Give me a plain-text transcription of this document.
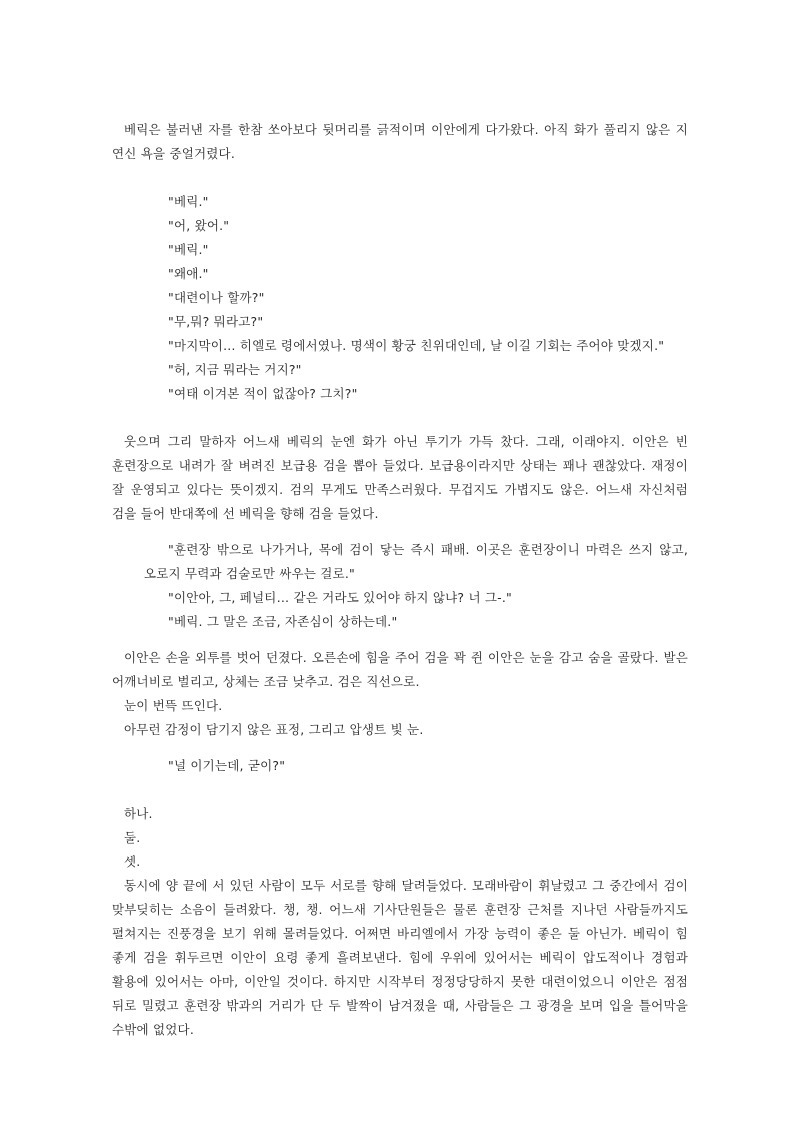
베릭은 불러낸 자를 한참 쏘아보다 뒷머리를 긁적이며 이안에게 다가왔다. 아직 화가 풀리지 않은 지 연신 욕을 중얼거렸다.

"베릭."

"어, 왔어."

"베릭."

"왜애."

"대련이나 할까?"

"무,뭐? 뭐라고?"

"마지막이… 히엘로 령에서였나. 명색이 황궁 친위대인데, 날 이길 기회는 주어야 맞겠지."

"허, 지금 뭐라는 거지?"

"여태 이겨본 적이 없잖아? 그치?"

웃으며 그리 말하자 어느새 베릭의 눈엔 화가 아닌 투기가 가득 찼다. 그래, 이래야지. 이안은 빈 훈련장으로 내려가 잘 벼려진 보급용 검을 뽑아 들었다. 보급용이라지만 상태는 꽤나 괜찮았다. 재정이 잘 운영되고 있다는 뜻이겠지. 검의 무게도 만족스러웠다. 무겁지도 가볍지도 않은. 어느새 자신처럼 검을 들어 반대쪽에 선 베릭을 향해 검을 들었다.

"훈련장 밖으로 나가거나, 목에 검이 닿는 즉시 패배. 이곳은 훈련장이니 마력은 쓰지 않고, 오로지 무력과 검술로만 싸우는 걸로."

"이안아, 그, 페널티… 같은 거라도 있어야 하지 않냐? 너 그-."

"베릭. 그 말은 조금, 자존심이 상하는데."

이안은 손을 외투를 벗어 던졌다. 오른손에 힘을 주어 검을 꽉 쥔 이안은 눈을 감고 숨을 골랐다. 발은 어깨너비로 벌리고, 상체는 조금 낮추고. 검은 직선으로.

눈이 번뜩 뜨인다.

아무런 감정이 담기지 않은 표정, 그리고 압생트 빛 눈.

"널 이기는데, 굳이?"

하나.

둘.

셋.

동시에 양 끝에 서 있던 사람이 모두 서로를 향해 달려들었다. 모래바람이 휘날렸고 그 중간에서 검이 맞부딪히는 소음이 들려왔다. 챙, 챙. 어느새 기사단원들은 물론 훈련장 근처를 지나던 사람들까지도 펼쳐지는 진풍경을 보기 위해 몰려들었다. 어쩌면 바리엘에서 가장 능력이 좋은 둘 아닌가. 베릭이 힘 좋게 검을 휘두르면 이안이 요령 좋게 흘려보낸다. 힘에 우위에 있어서는 베릭이 압도적이나 경험과 활용에 있어서는 아마, 이안일 것이다. 하지만 시작부터 정정당당하지 못한 대련이었으니 이안은 점점 뒤로 밀렸고 훈련장 밖과의 거리가 단 두 발짝이 남겨졌을 때, 사람들은 그 광경을 보며 입을 틀어막을 수밖에 없었다.
